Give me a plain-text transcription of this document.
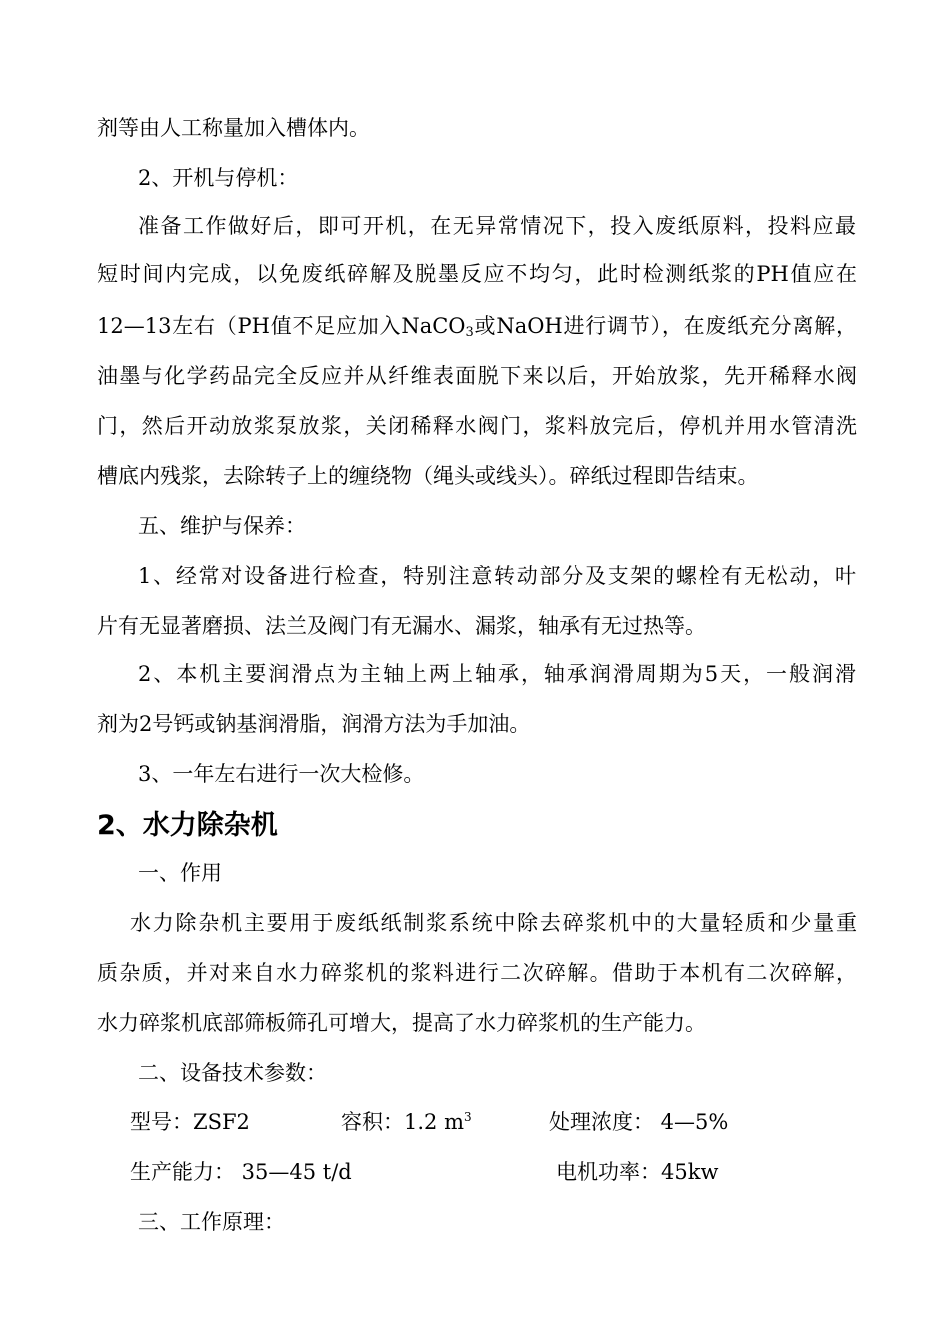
剂等由人工称量加入槽体内。
2、开机与停机：
准备工作做好后，即可开机，在无异常情况下，投入废纸原料，投料应最
短时间内完成，以免废纸碎解及脱墨反应不均匀，此时检测纸浆的PH值应在
12—13左右（PH值不足应加入NaCO$_3$或NaOH进行调节），在废纸充分离解，
油墨与化学药品完全反应并从纤维表面脱下来以后，开始放浆，先开稀释水阀
门，然后开动放浆泵放浆，关闭稀释水阀门，浆料放完后，停机并用水管清洗
槽底内残浆，去除转子上的缠绕物（绳头或线头）。碎纸过程即告结束。
五、维护与保养：
1、经常对设备进行检查，特别注意转动部分及支架的螺栓有无松动，叶
片有无显著磨损、法兰及阀门有无漏水、漏浆，轴承有无过热等。
2、本机主要润滑点为主轴上两上轴承，轴承润滑周期为5天，一般润滑
剂为2号钙或钠基润滑脂，润滑方法为手加油。
3、一年左右进行一次大检修。
2、水力除杂机
一、作用
水力除杂机主要用于废纸纸制浆系统中除去碎浆机中的大量轻质和少量重
质杂质，并对来自水力碎浆机的浆料进行二次碎解。借助于本机有二次碎解，
水力碎浆机底部筛板筛孔可增大，提高了水力碎浆机的生产能力。
二、设备技术参数：
型号：ZSF2	容积：1.2 $m^3$	处理浓度： 4—5%
生产能力： 35—45 t/d	电机功率：45kw
三、工作原理：
